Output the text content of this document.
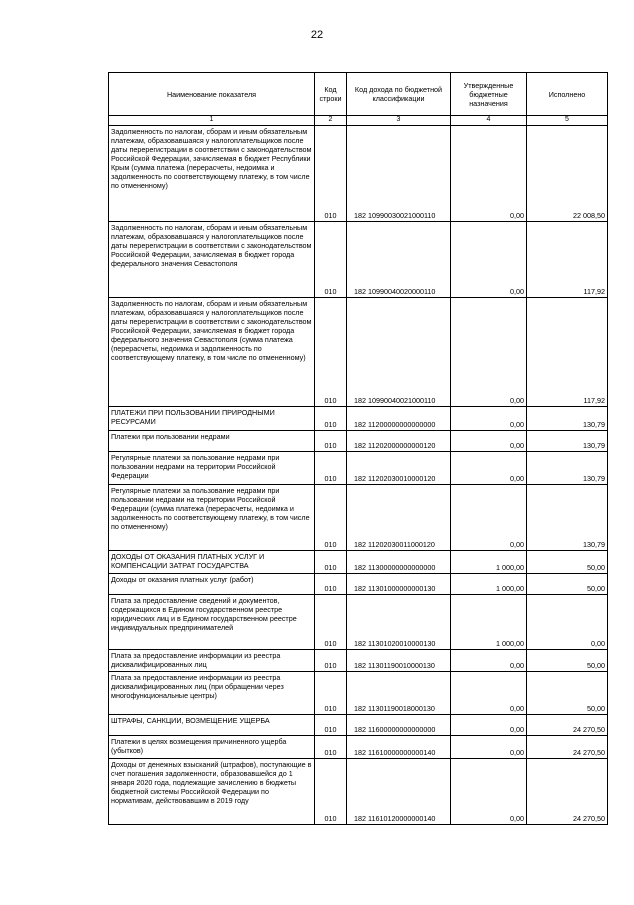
22
Наименование показателя	Код строки	Код дохода по бюджетной классификации	Утвержденные бюджетные назначения	Исполнено
1	2	3	4	5
Задолженность по налогам, сборам и иным обязательным платежам, образовавшаяся у налогоплательщиков после даты перерегистрации в соответствии с законодательством Российской Федерации, зачисляемая в бюджет Республики Крым (сумма платежа (перерасчеты, недоимка и задолженность по соответствующему платежу, в том числе по отмененному)	010	182 10990030021000110	0,00	22 008,50
Задолженность по налогам, сборам и иным обязательным платежам, образовавшаяся у налогоплательщиков после даты перерегистрации в соответствии с законодательством Российской Федерации, зачисляемая в бюджет города федерального значения Севастополя	010	182 10990040020000110	0,00	117,92
Задолженность по налогам, сборам и иным обязательным платежам, образовавшаяся у налогоплательщиков после даты перерегистрации в соответствии с законодательством Российской Федерации, зачисляемая в бюджет города федерального значения Севастополя (сумма платежа (перерасчеты, недоимка и задолженность по соответствующему платежу, в том числе по отмененному)	010	182 10990040021000110	0,00	117,92
ПЛАТЕЖИ ПРИ ПОЛЬЗОВАНИИ ПРИРОДНЫМИ РЕСУРСАМИ	010	182 11200000000000000	0,00	130,79
Платежи при пользовании недрами	010	182 11202000000000120	0,00	130,79
Регулярные платежи за пользование недрами при пользовании недрами на территории Российской Федерации	010	182 11202030010000120	0,00	130,79
Регулярные платежи за пользование недрами при пользовании недрами на территории Российской Федерации (сумма платежа (перерасчеты, недоимка и задолженность по соответствующему платежу, в том числе по отмененному)	010	182 11202030011000120	0,00	130,79
ДОХОДЫ ОТ ОКАЗАНИЯ ПЛАТНЫХ УСЛУГ И КОМПЕНСАЦИИ ЗАТРАТ ГОСУДАРСТВА	010	182 11300000000000000	1 000,00	50,00
Доходы от оказания платных услуг (работ)	010	182 11301000000000130	1 000,00	50,00
Плата за предоставление сведений и документов, содержащихся в Едином государственном реестре юридических лиц и в Едином государственном реестре индивидуальных предпринимателей	010	182 11301020010000130	1 000,00	0,00
Плата за предоставление информации из реестра дисквалифицированных лиц	010	182 11301190010000130	0,00	50,00
Плата за предоставление информации из реестра дисквалифицированных лиц (при обращении через многофункциональные центры)	010	182 11301190018000130	0,00	50,00
ШТРАФЫ, САНКЦИИ, ВОЗМЕЩЕНИЕ УЩЕРБА	010	182 11600000000000000	0,00	24 270,50
Платежи в целях возмещения причиненного ущерба (убытков)	010	182 11610000000000140	0,00	24 270,50
Доходы от денежных взысканий (штрафов), поступающие в счет погашения задолженности, образовавшейся до 1 января 2020 года, подлежащие зачислению в бюджеты бюджетной системы Российской Федерации по нормативам, действовавшим в 2019 году	010	182 11610120000000140	0,00	24 270,50
